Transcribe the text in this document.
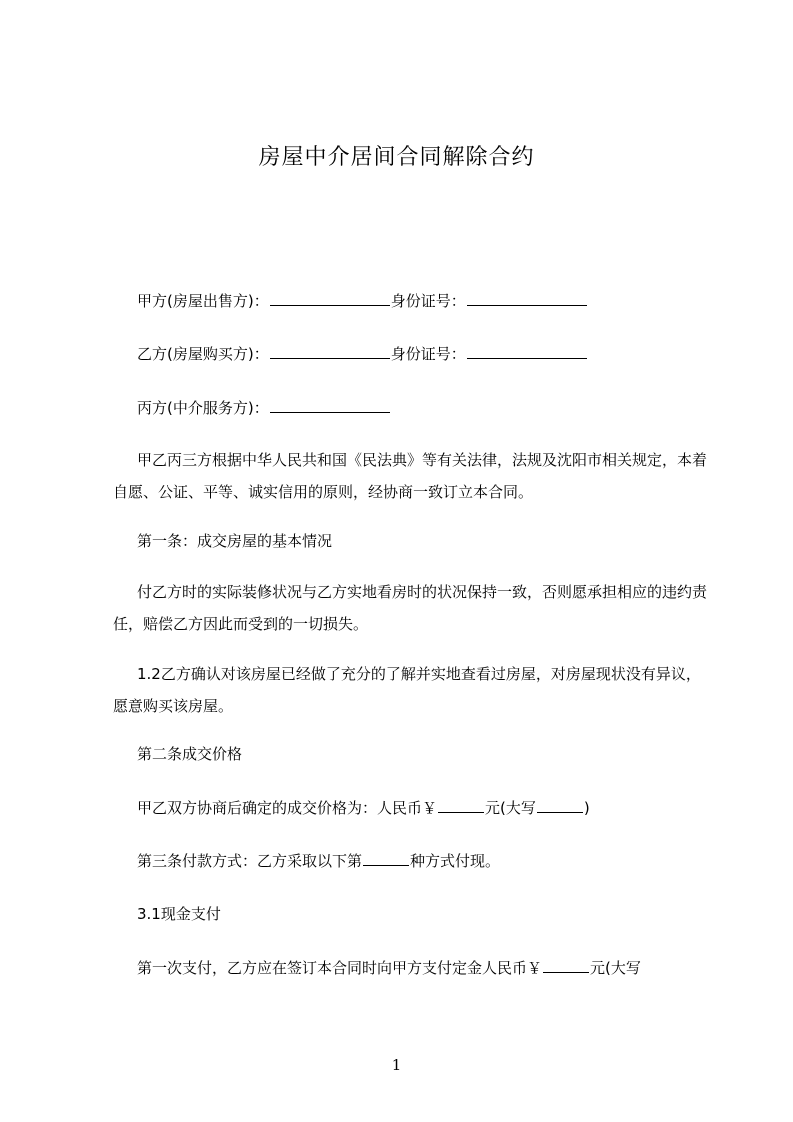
房屋中介居间合同解除合约
甲方(房屋出售方)：	身份证号：
乙方(房屋购买方)：	身份证号：
丙方(中介服务方)：
甲乙丙三方根据中华人民共和国《民法典》等有关法律，法规及沈阳市相关规定，本着自愿、公证、平等、诚实信用的原则，经协商一致订立本合同。
第一条：成交房屋的基本情况
付乙方时的实际装修状况与乙方实地看房时的状况保持一致，否则愿承担相应的违约责任，赔偿乙方因此而受到的一切损失。
1.2乙方确认对该房屋已经做了充分的了解并实地查看过房屋，对房屋现状没有异议，愿意购买该房屋。
第二条成交价格
甲乙双方协商后确定的成交价格为：人民币￥	元(大写	)
第三条付款方式：乙方采取以下第	种方式付现。
3.1现金支付
第一次支付，乙方应在签订本合同时向甲方支付定金人民币￥	元(大写
1
